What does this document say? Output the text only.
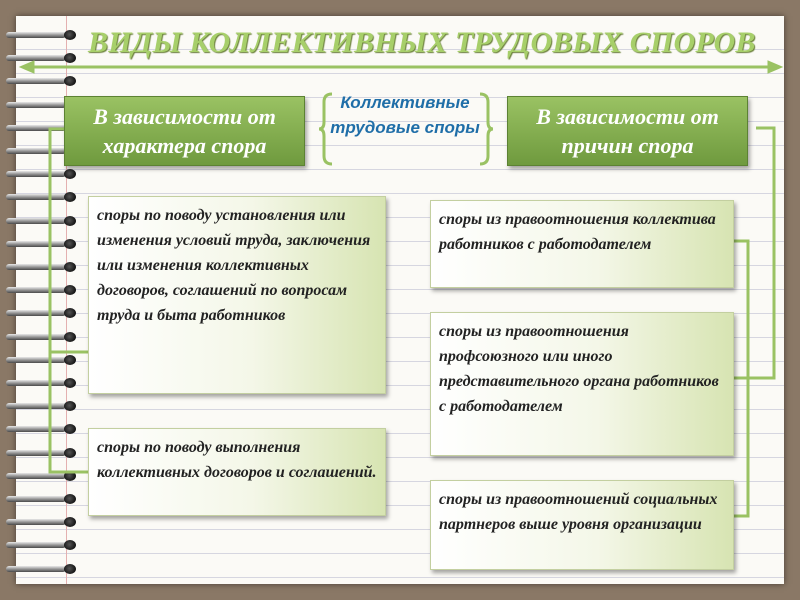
ВИДЫ КОЛЛЕКТИВНЫХ ТРУДОВЫХ СПОРОВ
В зависимости от характера спора
В зависимости от причин спора
Коллективные трудовые споры
споры по поводу установления или изменения условий труда, заключения или изменения коллективных договоров, соглашений по вопросам труда и быта работников
споры по поводу выполнения коллективных договоров и соглашений.
споры из правоотношения коллектива работников с работодателем
споры из правоотношения профсоюзного или иного представительного органа работников с работодателем
споры из правоотношений социальных партнеров выше уровня организации
